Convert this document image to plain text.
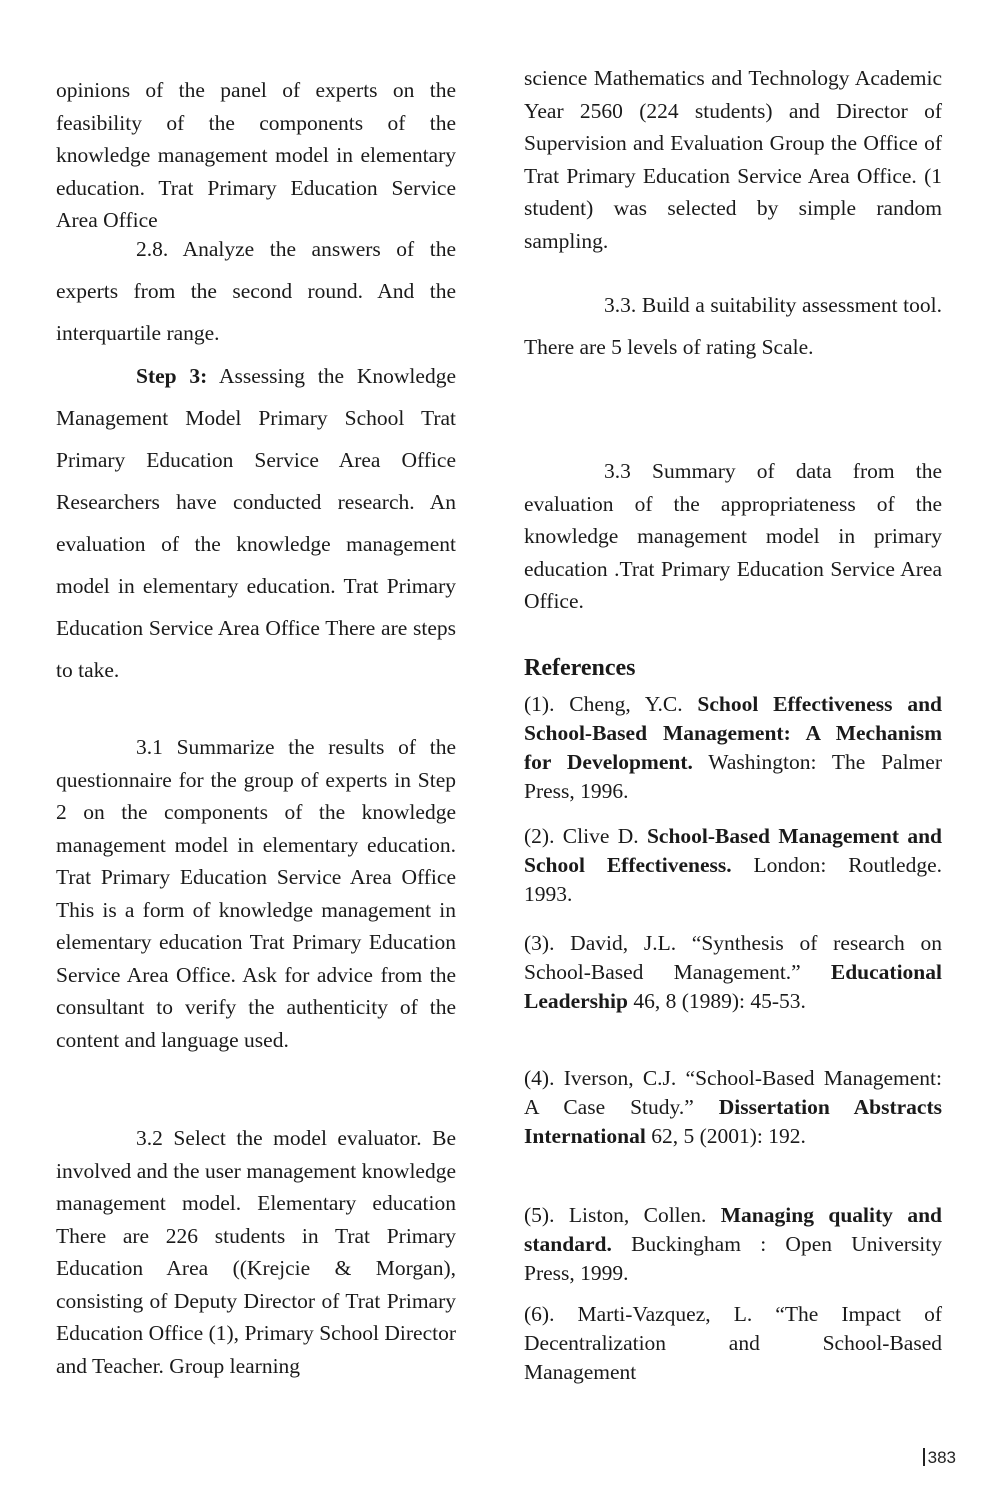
opinions of the panel of experts on the feasibility of the components of the knowledge management model in elementary education. Trat Primary Education Service Area Office

2.8. Analyze the answers of the experts from the second round. And the interquartile range.

Step 3: Assessing the Knowledge Management Model Primary School Trat Primary Education Service Area Office Researchers have conducted research. An evaluation of the knowledge management model in elementary education. Trat Primary Education Service Area Office There are steps to take.

3.1 Summarize the results of the questionnaire for the group of experts in Step 2 on the components of the knowledge management model in elementary education. Trat Primary Education Service Area Office This is a form of knowledge management in elementary education Trat Primary Education Service Area Office. Ask for advice from the consultant to verify the authenticity of the content and language used.

3.2 Select the model evaluator. Be involved and the user management knowledge management model. Elementary education There are 226 students in Trat Primary Education Area ((Krejcie & Morgan), consisting of Deputy Director of Trat Primary Education Office (1), Primary School Director and Teacher. Group learning

science Mathematics and Technology Academic Year 2560 (224 students) and Director of Supervision and Evaluation Group the Office of Trat Primary Education Service Area Office. (1 student) was selected by simple random sampling.

3.3. Build a suitability assessment tool. There are 5 levels of rating Scale.

3.3 Summary of data from the evaluation of the appropriateness of the knowledge management model in primary education .Trat Primary Education Service Area Office.

References

(1). Cheng, Y.C. School Effectiveness and School-Based Management: A Mechanism for Development. Washington: The Palmer Press, 1996.

(2). Clive D. School-Based Management and School Effectiveness. London: Routledge. 1993.

(3). David, J.L. “Synthesis of research on School-Based Management.” Educational Leadership 46, 8 (1989): 45-53.

(4). Iverson, C.J. “School-Based Management: A Case Study.” Dissertation Abstracts International 62, 5 (2001): 192.

(5). Liston, Collen. Managing quality and standard. Buckingham : Open University Press, 1999.

(6). Marti-Vazquez, L. “The Impact of Decentralization and School-Based Management

383
